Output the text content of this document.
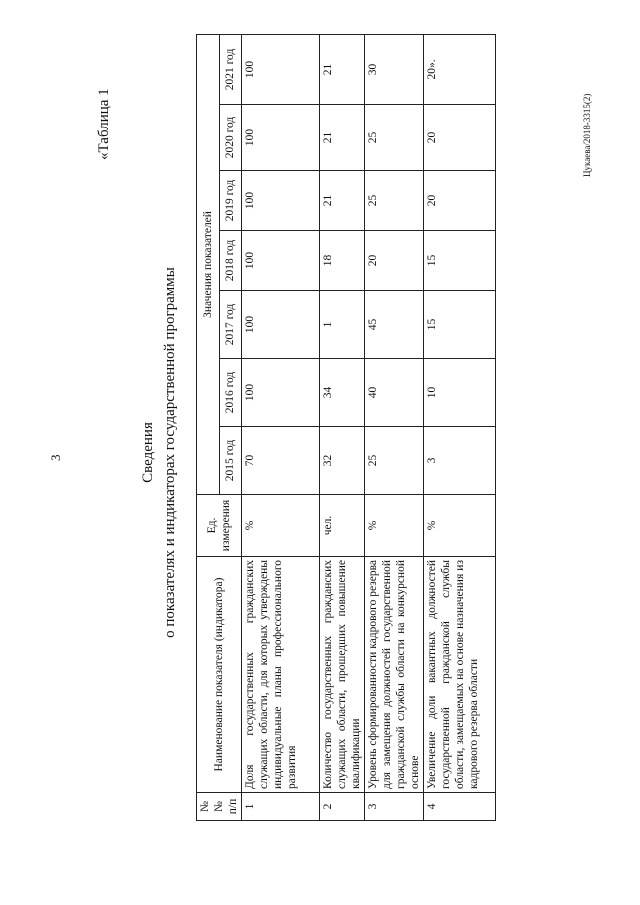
3
«Таблица 1
Сведения о показателях и индикаторах государственной программы
№№ п/п	Наименование показателя (индикатора)	Ед. измерения	Значения показателей						
			2015 год	2016 год	2017 год	2018 год	2019 год	2020 год	2021 год
1	Доля государственных гражданских служащих области, для которых утверждены индивидуальные планы профессионального развития	%	70	100	100	100	100	100	100
2	Количество государственных гражданских служащих области, прошедших повышение квалификации	чел.	32	34	1	18	21	21	21
3	Уровень сформированности кадрового резерва для замещения должностей государственной гражданской службы области на конкурсной основе	%	25	40	45	20	25	25	30
4	Увеличение доли вакантных должностей государственной гражданской службы области, замещаемых на основе назначения из кадрового резерва области	%	3	10	15	15	20	20	20».
Цукаева/2018-3315(2)
